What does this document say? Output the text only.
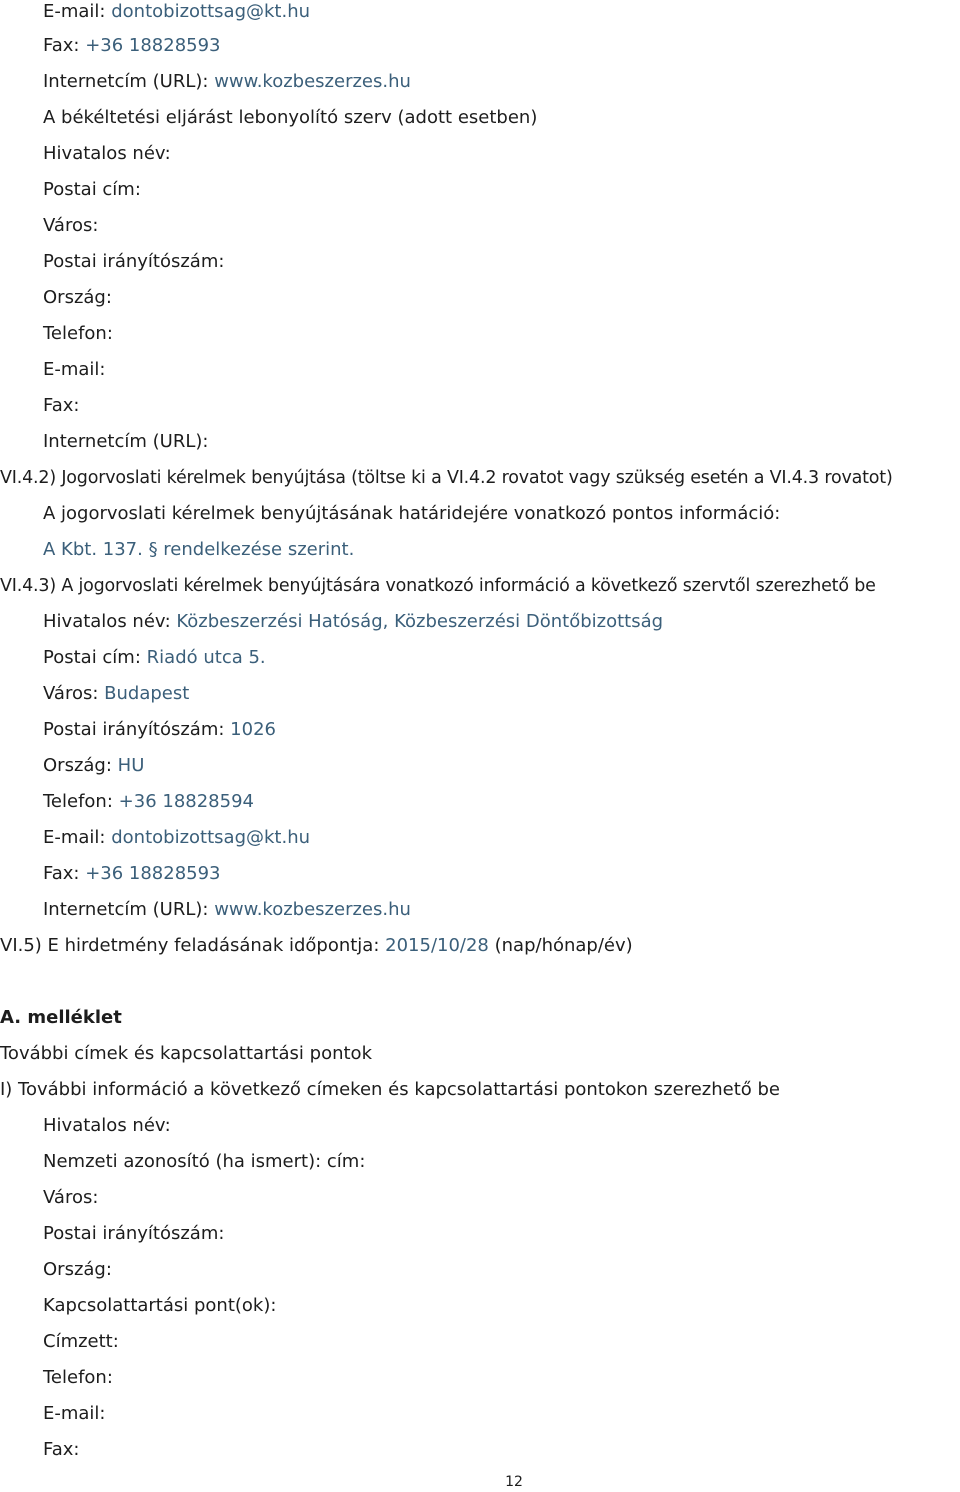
E-mail: dontobizottsag@kt.hu
Fax: +36 18828593
Internetcím (URL): www.kozbeszerzes.hu
A békéltetési eljárást lebonyolító szerv (adott esetben)
Hivatalos név:
Postai cím:
Város:
Postai irányítószám:
Ország:
Telefon:
E-mail:
Fax:
Internetcím (URL):
VI.4.2) Jogorvoslati kérelmek benyújtása (töltse ki a VI.4.2 rovatot vagy szükség esetén a VI.4.3 rovatot)
A jogorvoslati kérelmek benyújtásának határidejére vonatkozó pontos információ:
A Kbt. 137. § rendelkezése szerint.
VI.4.3) A jogorvoslati kérelmek benyújtására vonatkozó információ a következő szervtől szerezhető be
Hivatalos név: Közbeszerzési Hatóság, Közbeszerzési Döntőbizottság
Postai cím: Riadó utca 5.
Város: Budapest
Postai irányítószám: 1026
Ország: HU
Telefon: +36 18828594
E-mail: dontobizottsag@kt.hu
Fax: +36 18828593
Internetcím (URL): www.kozbeszerzes.hu
VI.5) E hirdetmény feladásának időpontja: 2015/10/28 (nap/hónap/év)
A. melléklet
További címek és kapcsolattartási pontok
I) További információ a következő címeken és kapcsolattartási pontokon szerezhető be
Hivatalos név:
Nemzeti azonosító (ha ismert): cím:
Város:
Postai irányítószám:
Ország:
Kapcsolattartási pont(ok):
Címzett:
Telefon:
E-mail:
Fax:
12
